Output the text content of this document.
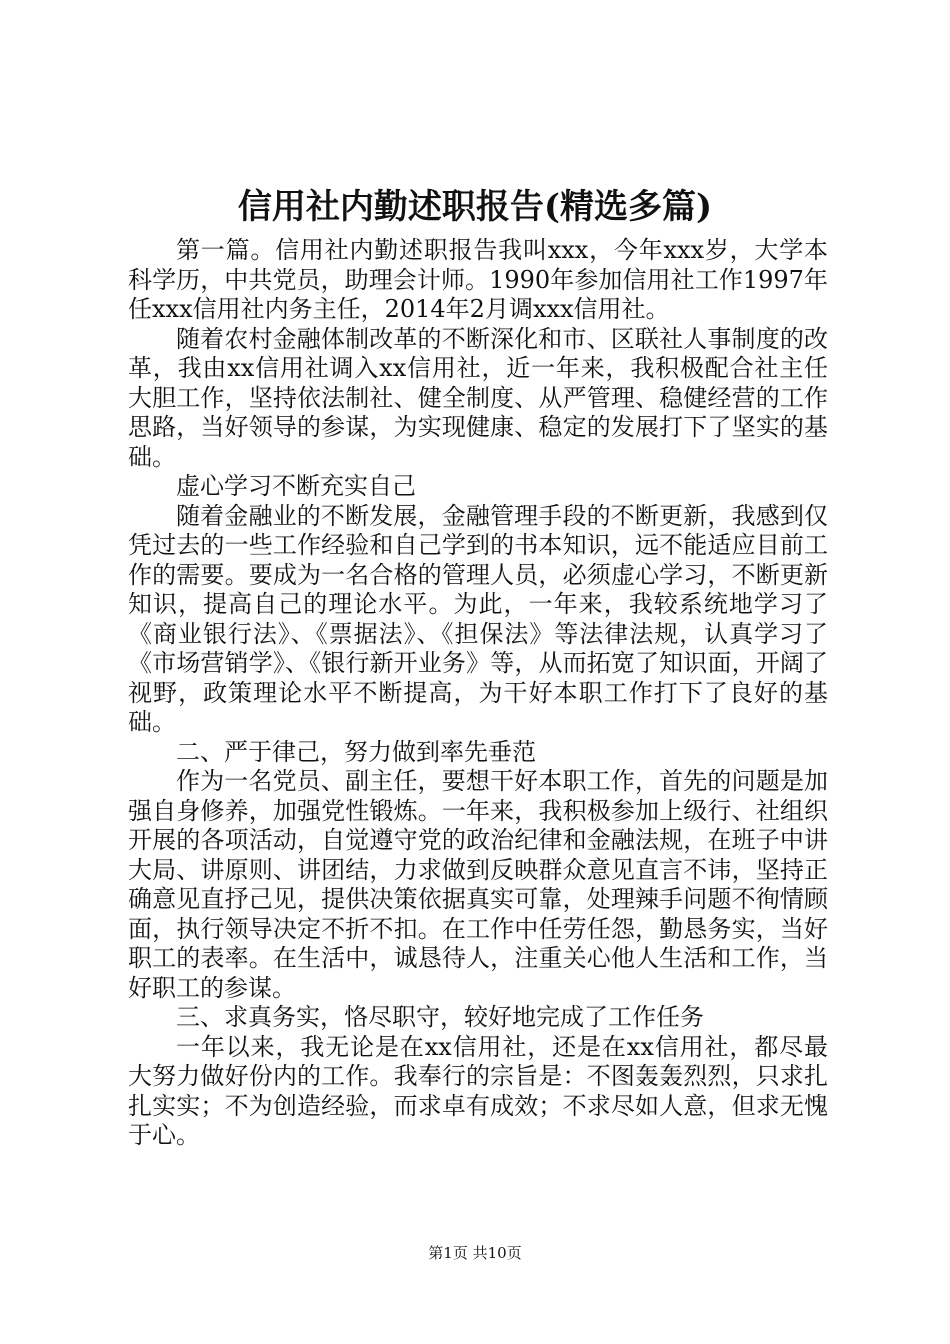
信用社内勤述职报告(精选多篇)

第一篇。信用社内勤述职报告我叫xxx，今年xxx岁，大学本科学历，中共党员，助理会计师。1990年参加信用社工作1997年任xxx信用社内务主任，2014年2月调xxx信用社。

随着农村金融体制改革的不断深化和市、区联社人事制度的改革，我由xx信用社调入xx信用社，近一年来，我积极配合社主任大胆工作，坚持依法制社、健全制度、从严管理、稳健经营的工作思路，当好领导的参谋，为实现健康、稳定的发展打下了坚实的基础。

虚心学习不断充实自己

随着金融业的不断发展，金融管理手段的不断更新，我感到仅凭过去的一些工作经验和自己学到的书本知识，远不能适应目前工作的需要。要成为一名合格的管理人员，必须虚心学习，不断更新知识，提高自己的理论水平。为此，一年来，我较系统地学习了《商业银行法》、《票据法》、《担保法》等法律法规，认真学习了《市场营销学》、《银行新开业务》等，从而拓宽了知识面，开阔了视野，政策理论水平不断提高，为干好本职工作打下了良好的基础。

二、严于律己，努力做到率先垂范

作为一名党员、副主任，要想干好本职工作，首先的问题是加强自身修养，加强党性锻炼。一年来，我积极参加上级行、社组织开展的各项活动，自觉遵守党的政治纪律和金融法规，在班子中讲大局、讲原则、讲团结，力求做到反映群众意见直言不讳，坚持正确意见直抒己见，提供决策依据真实可靠，处理辣手问题不徇情顾面，执行领导决定不折不扣。在工作中任劳任怨，勤恳务实，当好职工的表率。在生活中，诚恳待人，注重关心他人生活和工作，当好职工的参谋。

三、求真务实，恪尽职守，较好地完成了工作任务

一年以来，我无论是在xx信用社，还是在xx信用社，都尽最大努力做好份内的工作。我奉行的宗旨是：不图轰轰烈烈，只求扎扎实实；不为创造经验，而求卓有成效；不求尽如人意，但求无愧于心。

第1页 共10页
